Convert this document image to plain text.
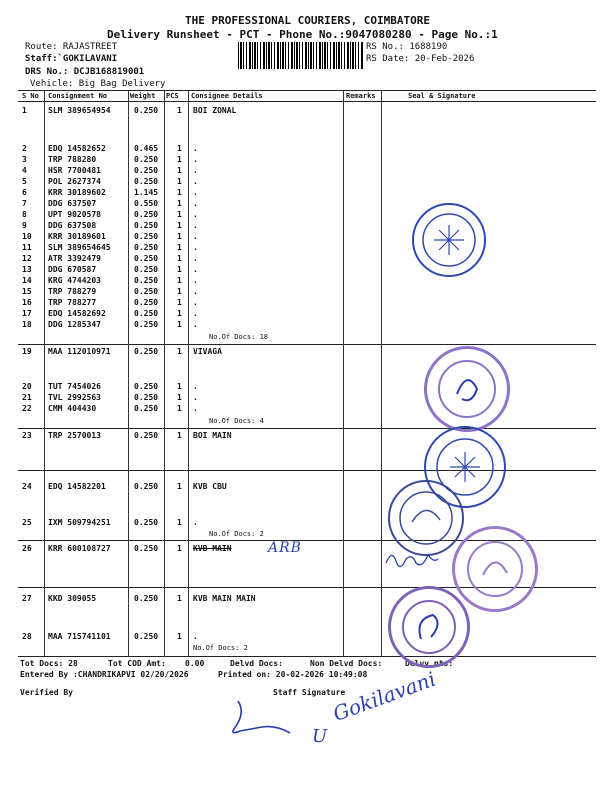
THE PROFESSIONAL COURIERS, COIMBATORE
Delivery Runsheet - PCT - Phone No.:9047080280 - Page No.:1
Route: RAJASTREET
Staff:`GOKILAVANI
DRS No.: DCJB168819001
Vehicle: Big Bag Delivery
RS No.: 1688190
RS Date: 20-Feb-2026
S No Consignment No	Weight PCS Consignee Details	Remarks	Seal & Signature
1	SLM 389654954	0.250 1 BOI ZONAL
2	EDQ 14582652	0.465 1 .
3	TRP 788280	0.250 1 .
4	HSR 7700481	0.250 1 .
5	POL 2627374	0.250 1 .
6	KRR 30189602	1.145 1 .
7	DDG 637507	0.550 1 .
8	UPT 9020578	0.250 1 .
9	DDG 637508	0.250 1 .
10 KRR 30189601	0.250 1 .
11 SLM 389654645	0.250 1 .
12 ATR 3392479	0.250 1 .
13 DDG 670587	0.250 1 .
14 KRG 4744203	0.250 1 .
15 TRP 788279	0.250 1 .
16 TRP 788277	0.250 1 .
17 EDQ 14582692	0.250 1 .
18 DDG 1285347	0.250 1 .
No.Of Docs: 18
19 MAA 112010971	0.250 1 VIVAGA
20 TUT 7454026	0.250 1 .
21 TVL 2992563	0.250 1 .
22 CMM 404430	0.250 1 .
No.Of Docs: 4
23 TRP 2570013	0.250 1 BOI MAIN
24 EDQ 14582201	0.250 1 KVB CBU
25 IXM 509794251	0.250 1 .
No.Of Docs: 2
26 KRR 600108727	0.250 1 KVB MAIN
27 KKD 309055	0.250 1 KVB MAIN MAIN
28 MAA 715741101	0.250 1 .
No.Of Docs: 2
Tot Docs: 28	Tot COD Amt: 0.00	Delvd Docs:	Non Delvd Docs:	Delvy pts:
Entered By :CHANDRIKAPVI 02/20/2026	Printed on: 20-02-2026 10:49:08
Verified By	Staff Signature
ARB
U
Gokilavani
